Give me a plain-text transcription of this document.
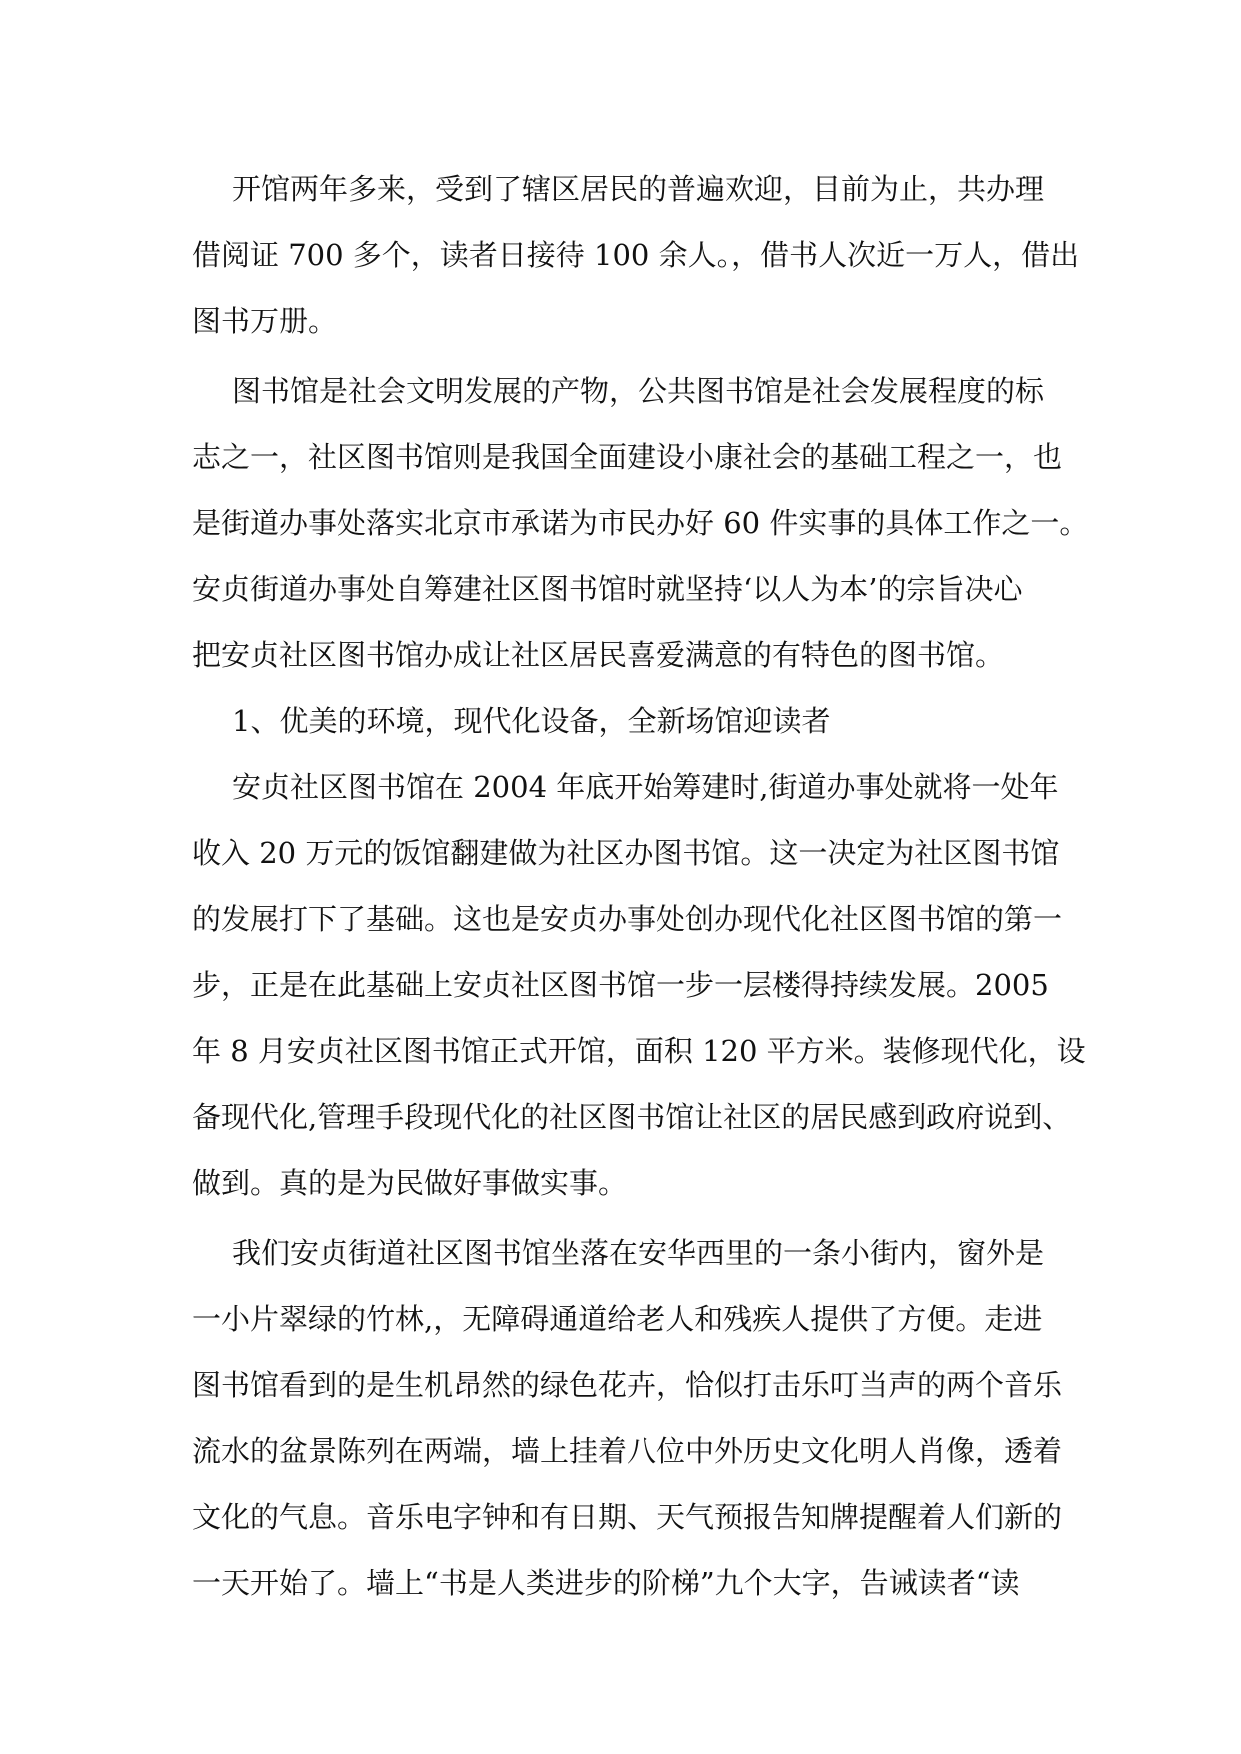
开馆两年多来，受到了辖区居民的普遍欢迎，目前为止，共办理
借阅证 700 多个，读者日接待 100 余人。，借书人次近一万人，借出
图书万册。
图书馆是社会文明发展的产物，公共图书馆是社会发展程度的标
志之一，社区图书馆则是我国全面建设小康社会的基础工程之一，也
是街道办事处落实北京市承诺为市民办好 60 件实事的具体工作之一。
安贞街道办事处自筹建社区图书馆时就坚持‘以人为本’的宗旨决心
把安贞社区图书馆办成让社区居民喜爱满意的有特色的图书馆。
1、优美的环境，现代化设备，全新场馆迎读者
安贞社区图书馆在 2004 年底开始筹建时,街道办事处就将一处年
收入 20 万元的饭馆翻建做为社区办图书馆。这一决定为社区图书馆
的发展打下了基础。这也是安贞办事处创办现代化社区图书馆的第一
步，正是在此基础上安贞社区图书馆一步一层楼得持续发展。2005
年 8 月安贞社区图书馆正式开馆，面积 120 平方米。装修现代化，设
备现代化,管理手段现代化的社区图书馆让社区的居民感到政府说到、
做到。真的是为民做好事做实事。
我们安贞街道社区图书馆坐落在安华西里的一条小街内，窗外是
一小片翠绿的竹林,，无障碍通道给老人和残疾人提供了方便。走进
图书馆看到的是生机昂然的绿色花卉，恰似打击乐叮当声的两个音乐
流水的盆景陈列在两端，墙上挂着八位中外历史文化明人肖像，透着
文化的气息。音乐电字钟和有日期、天气预报告知牌提醒着人们新的
一天开始了。墙上“书是人类进步的阶梯”九个大字，告诫读者“读
